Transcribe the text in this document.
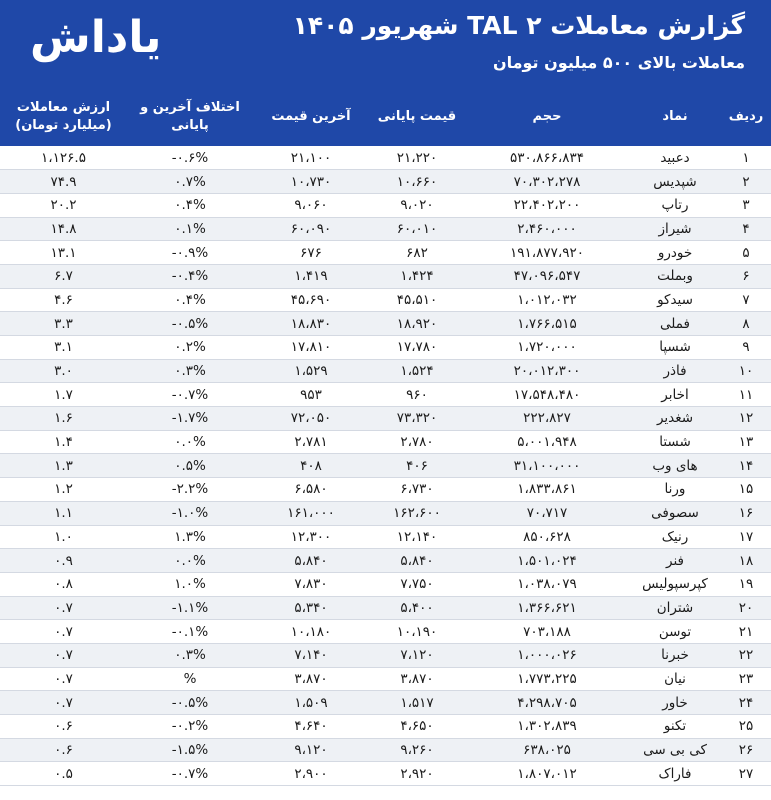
یاداش	گزارش معاملات TAL ۲ شهریور ۱۴۰۵
معاملات بالای ۵۰۰ میلیون تومان
ردیف	نماد	حجم	قیمت پایانی	آخرین قیمت	اختلاف آخرین و پایانی	ارزش معاملات (میلیارد تومان)
۱	دعبید	۵۳۰،۸۶۶،۸۳۴	۲۱،۲۲۰	۲۱،۱۰۰	-۰.۶%	۱،۱۲۶.۵
۲	شپدیس	۷۰،۳۰۲،۲۷۸	۱۰،۶۶۰	۱۰،۷۳۰	۰.۷%	۷۴.۹
۳	رتاپ	۲۲،۴۰۲،۲۰۰	۹،۰۲۰	۹،۰۶۰	۰.۴%	۲۰.۲
۴	شیراز	۲،۴۶۰،۰۰۰	۶۰،۰۱۰	۶۰،۰۹۰	۰.۱%	۱۴.۸
۵	خودرو	۱۹۱،۸۷۷،۹۲۰	۶۸۲	۶۷۶	-۰.۹%	۱۳.۱
۶	وبملت	۴۷،۰۹۶،۵۴۷	۱،۴۲۴	۱،۴۱۹	-۰.۴%	۶.۷
۷	سیدکو	۱،۰۱۲،۰۳۲	۴۵،۵۱۰	۴۵،۶۹۰	۰.۴%	۴.۶
۸	فملی	۱،۷۶۶،۵۱۵	۱۸،۹۲۰	۱۸،۸۳۰	-۰.۵%	۳.۳
۹	شسپا	۱،۷۲۰،۰۰۰	۱۷،۷۸۰	۱۷،۸۱۰	۰.۲%	۳.۱
۱۰	فاذر	۲۰،۰۱۲،۳۰۰	۱،۵۲۴	۱،۵۲۹	۰.۳%	۳.۰
۱۱	اخابر	۱۷،۵۴۸،۴۸۰	۹۶۰	۹۵۳	-۰.۷%	۱.۷
۱۲	شغدیر	۲۲۲،۸۲۷	۷۳،۳۲۰	۷۲،۰۵۰	-۱.۷%	۱.۶
۱۳	شستا	۵،۰۰۱،۹۴۸	۲،۷۸۰	۲،۷۸۱	۰.۰%	۱.۴
۱۴	های وب	۳۱،۱۰۰،۰۰۰	۴۰۶	۴۰۸	۰.۵%	۱.۳
۱۵	ورنا	۱،۸۳۳،۸۶۱	۶،۷۳۰	۶،۵۸۰	-۲.۲%	۱.۲
۱۶	سصوفی	۷۰،۷۱۷	۱۶۲،۶۰۰	۱۶۱،۰۰۰	-۱.۰%	۱.۱
۱۷	رنیک	۸۵۰،۶۲۸	۱۲،۱۴۰	۱۲،۳۰۰	۱.۳%	۱.۰
۱۸	فنر	۱،۵۰۱،۰۲۴	۵،۸۴۰	۵،۸۴۰	۰.۰%	۰.۹
۱۹	کپرسپولیس	۱،۰۳۸،۰۷۹	۷،۷۵۰	۷،۸۳۰	۱.۰%	۰.۸
۲۰	شتران	۱،۳۶۶،۶۲۱	۵،۴۰۰	۵،۳۴۰	-۱.۱%	۰.۷
۲۱	توسن	۷۰۳،۱۸۸	۱۰،۱۹۰	۱۰،۱۸۰	-۰.۱%	۰.۷
۲۲	خبرنا	۱،۰۰۰،۰۲۶	۷،۱۲۰	۷،۱۴۰	۰.۳%	۰.۷
۲۳	نیان	۱،۷۷۳،۲۲۵	۳،۸۷۰	۳،۸۷۰	%	۰.۷
۲۴	خاور	۴،۲۹۸،۷۰۵	۱،۵۱۷	۱،۵۰۹	-۰.۵%	۰.۷
۲۵	تکنو	۱،۳۰۲،۸۳۹	۴،۶۵۰	۴،۶۴۰	-۰.۲%	۰.۶
۲۶	کی بی سی	۶۳۸،۰۲۵	۹،۲۶۰	۹،۱۲۰	-۱.۵%	۰.۶
۲۷	فاراک	۱،۸۰۷،۰۱۲	۲،۹۲۰	۲،۹۰۰	-۰.۷%	۰.۵
